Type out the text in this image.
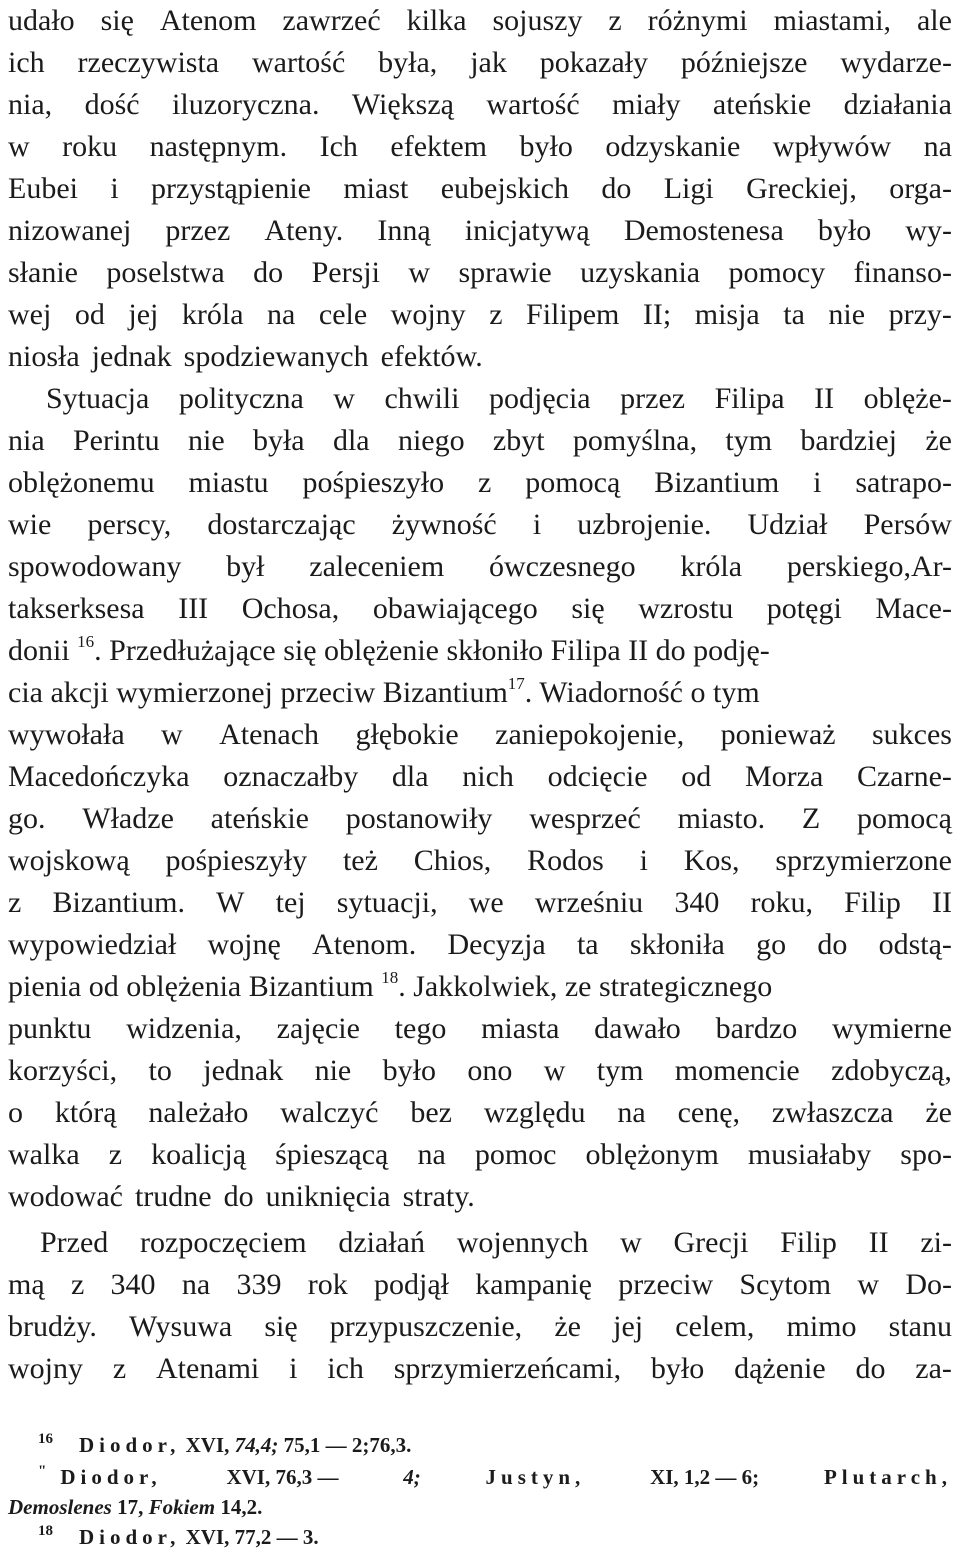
udało się Atenom zawrzeć kilka sojuszy z różnymi miastami, ale
ich rzeczywista wartość była, jak pokazały późniejsze wydarze-
nia, dość iluzoryczna. Większą wartość miały ateńskie działania
w roku następnym. Ich efektem było odzyskanie wpływów na
Eubei i przystąpienie miast eubejskich do Ligi Greckiej, orga-
nizowanej przez Ateny. Inną inicjatywą Demostenesa było wy-
słanie poselstwa do Persji w sprawie uzyskania pomocy finanso-
wej od jej króla na cele wojny z Filipem II; misja ta nie przy-
niosła jednak spodziewanych efektów.
Sytuacja polityczna w chwili podjęcia przez Filipa II oblęże-
nia Perintu nie była dla niego zbyt pomyślna, tym bardziej że
oblężonemu miastu pośpieszyło z pomocą Bizantium i satrapo-
wie perscy, dostarczając żywność i uzbrojenie. Udział Persów
spowodowany był zaleceniem ówczesnego króla perskiego,Ar-
takserksesa III Ochosa, obawiającego się wzrostu potęgi Mace-
donii $^{16}$. Przedłużające się oblężenie skłoniło Filipa II do podję-
cia akcji wymierzonej przeciw Bizantium$^{17}$. Wiadorność o tym
wywołała w Atenach głębokie zaniepokojenie, ponieważ sukces
Macedończyka oznaczałby dla nich odcięcie od Morza Czarne-
go. Władze ateńskie postanowiły wesprzeć miasto. Z pomocą
wojskową pośpieszyły też Chios, Rodos i Kos, sprzymierzone
z Bizantium. W tej sytuacji, we wrześniu 340 roku, Filip II
wypowiedział wojnę Atenom. Decyzja ta skłoniła go do odstą-
pienia od oblężenia Bizantium $^{18}$. Jakkolwiek, ze strategicznego
punktu widzenia, zajęcie tego miasta dawało bardzo wymierne
korzyści, to jednak nie było ono w tym momencie zdobyczą,
o którą należało walczyć bez względu na cenę, zwłaszcza że
walka z koalicją śpieszącą na pomoc oblężonym musiałaby spo-
wodować trudne do uniknięcia straty.
Przed rozpoczęciem działań wojennych w Grecji Filip II zi-
mą z 340 na 339 rok podjął kampanię przeciw Scytom w Do-
brudży. Wysuwa się przypuszczenie, że jej celem, mimo stanu
wojny z Atenami i ich sprzymierzeńcami, było dążenie do za-
$^{16}$ Diodor, XVI, 74,4; 75,1 — 2;76,3.
" Diodor,	XVI, 76,3 —	4;	Justyn,	XI, 1,2 — 6;	Plutarch,
Demoslenes 17, Fokiem 14,2.
$^{18}$ Diodor, XVI, 77,2 — 3.
